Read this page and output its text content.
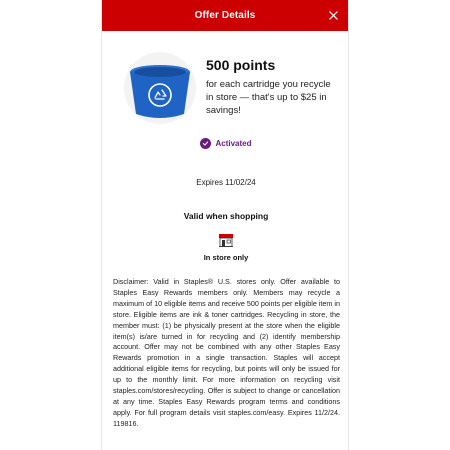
Offer Details
500 points
for each cartridge you recycle in store — that's up to $25 in savings!
Activated
Expires 11/02/24
Valid when shopping
In store only
Disclaimer: Valid in Staples® U.S. stores only. Offer available to Staples Easy Rewards members only. Members may recycle a maximum of 10 eligible items and receive 500 points per eligible item in store. Eligible items are ink & toner cartridges. Recycling in store, the member must: (1) be physically present at the store when the eligible item(s) is/are turned in for recycling and (2) identify membership account. Offer may not be combined with any other Staples Easy Rewards promotion in a single transaction. Staples will accept additional eligible items for recycling, but points will only be issued for up to the monthly limit. For more information on recycling visit staples.com/stores/recycling. Offer is subject to change or cancellation at any time. Staples Easy Rewards program terms and conditions apply. For full program details visit staples.com/easy. Expires 11/2/24. 119816.
